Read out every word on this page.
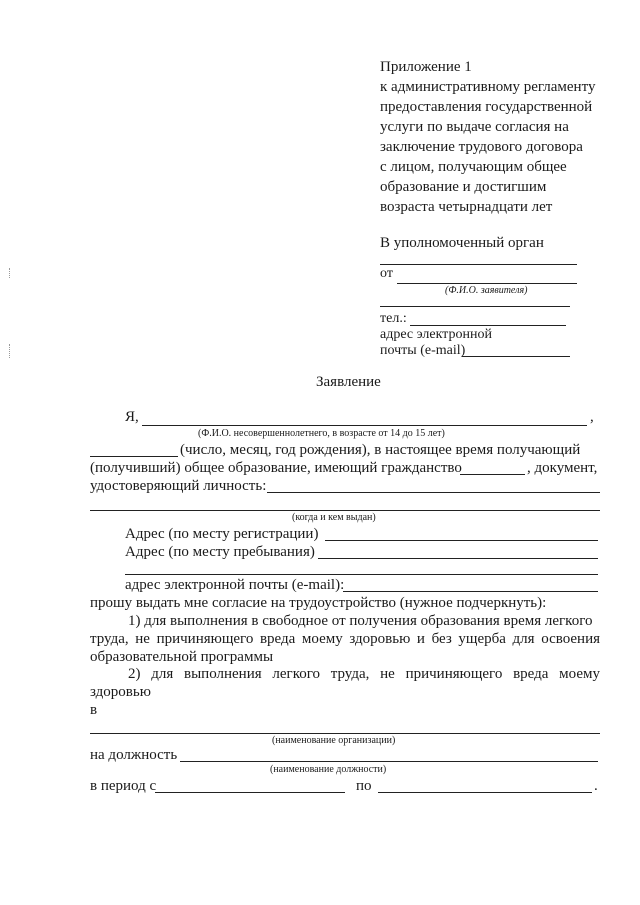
Приложение 1
к административному регламенту
предоставления государственной
услуги по выдаче согласия на
заключение трудового договора
с лицом, получающим общее
образование и достигшим
возраста четырнадцати лет
В уполномоченный орган
от
(Ф.И.О. заявителя)
тел.:
адрес электронной
почты (e-mail)
Заявление
Я,	,
(Ф.И.О. несовершеннолетнего, в возрасте от 14 до 15 лет)
(число, месяц, год рождения), в настоящее время получающий
(получивший) общее образование, имеющий гражданство	, документ,
удостоверяющий личность:
(когда и кем выдан)
Адрес (по месту регистрации)
Адрес (по месту пребывания)
адрес электронной почты (e-mail):
прошу выдать мне согласие на трудоустройство (нужное подчеркнуть):
1) для выполнения в свободное от получения образования время легкого
труда, не причиняющего вреда моему здоровью и без ущерба для освоения
образовательной программы
2) для выполнения легкого труда, не причиняющего вреда моему
здоровью
в
(наименование организации)
на должность
(наименование должности)
в период с	по	.
